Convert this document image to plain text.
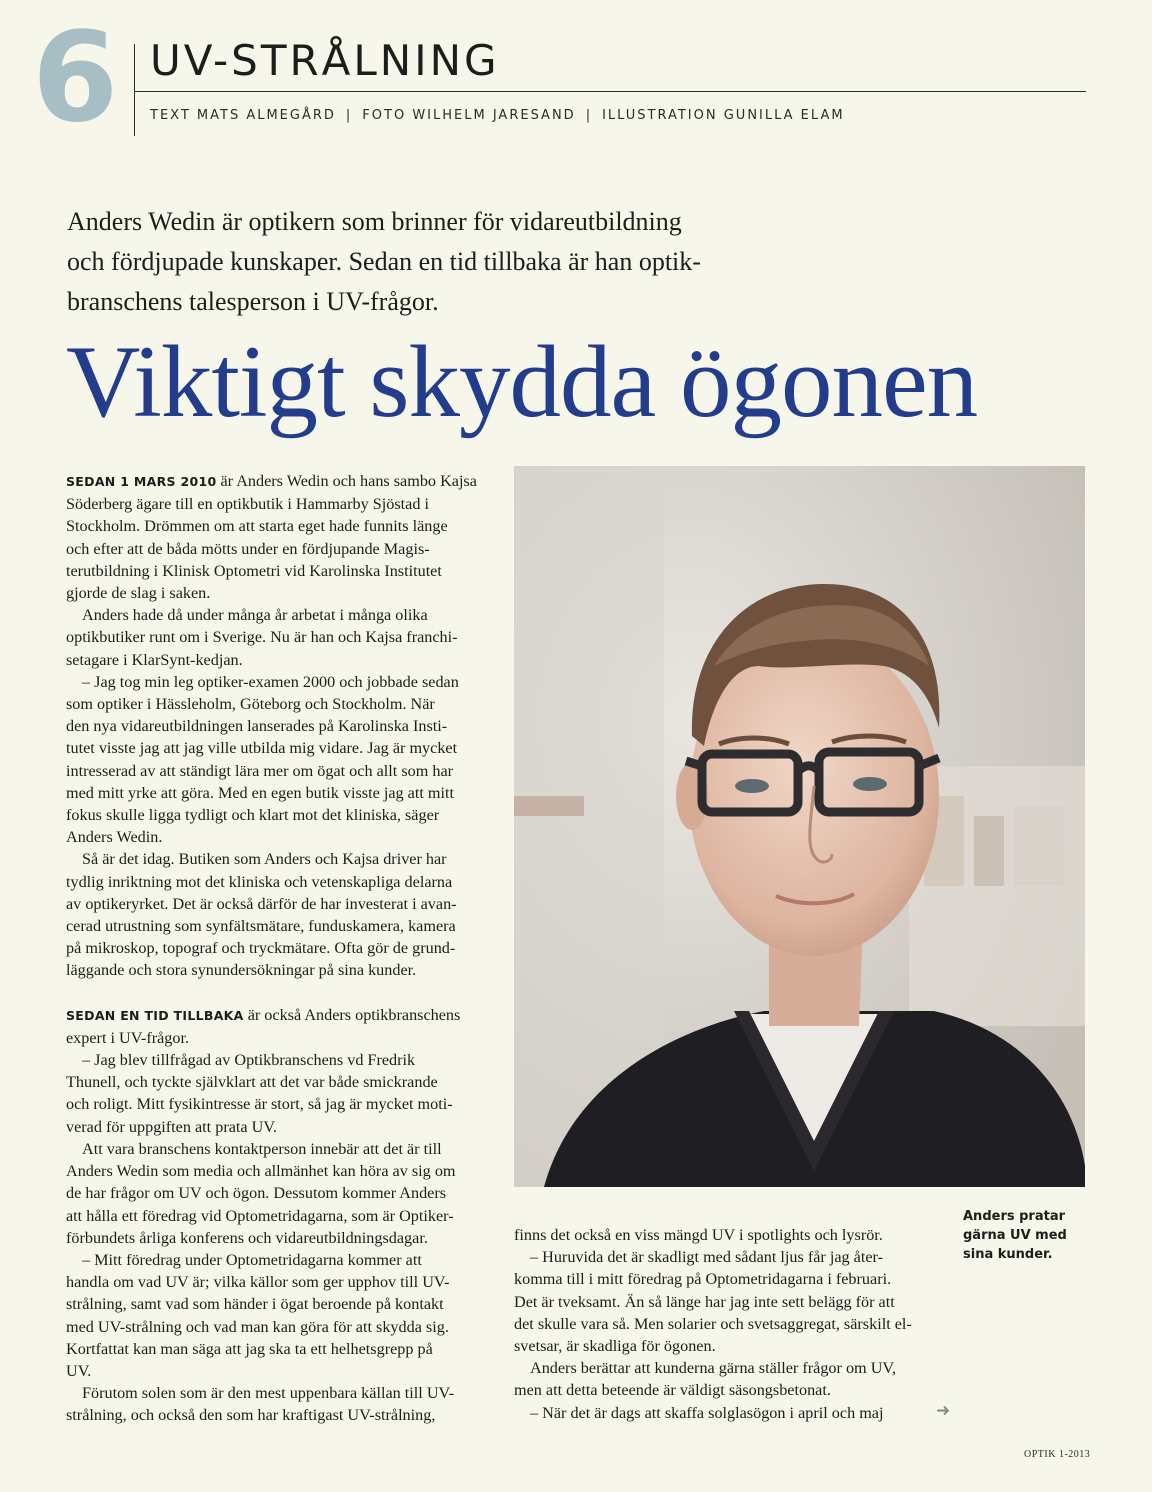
6 UV-STRÅLNING
TEXT MATS ALMEGÅRD | FOTO WILHELM JARESAND | ILLUSTRATION GUNILLA ELAM
Anders Wedin är optikern som brinner för vidareutbildning
och fördjupade kunskaper. Sedan en tid tillbaka är han optik-
branschens talesperson i UV-frågor.
Viktigt skydda ögonen

SEDAN 1 MARS 2010 är Anders Wedin och hans sambo Kajsa
Söderberg ägare till en optikbutik i Hammarby Sjöstad i
Stockholm. Drömmen om att starta eget hade funnits länge
och efter att de båda mötts under en fördjupande Magis-
terutbildning i Klinisk Optometri vid Karolinska Institutet
gjorde de slag i saken.

Anders hade då under många år arbetat i många olika
optikbutiker runt om i Sverige. Nu är han och Kajsa franchi-
setagare i KlarSynt-kedjan.

– Jag tog min leg optiker-examen 2000 och jobbade sedan
som optiker i Hässleholm, Göteborg och Stockholm. När
den nya vidareutbildningen lanserades på Karolinska Insti-
tutet visste jag att jag ville utbilda mig vidare. Jag är mycket
intresserad av att ständigt lära mer om ögat och allt som har
med mitt yrke att göra. Med en egen butik visste jag att mitt
fokus skulle ligga tydligt och klart mot det kliniska, säger
Anders Wedin.

Så är det idag. Butiken som Anders och Kajsa driver har
tydlig inriktning mot det kliniska och vetenskapliga delarna
av optikeryrket. Det är också därför de har investerat i avan-
cerad utrustning som synfältsmätare, funduskamera, kamera
på mikroskop, topograf och tryckmätare. Ofta gör de grund-
läggande och stora synundersökningar på sina kunder.

SEDAN EN TID TILLBAKA är också Anders optikbranschens
expert i UV-frågor.

– Jag blev tillfrågad av Optikbranschens vd Fredrik
Thunell, och tyckte självklart att det var både smickrande
och roligt. Mitt fysikintresse är stort, så jag är mycket moti-
verad för uppgiften att prata UV.

Att vara branschens kontaktperson innebär att det är till
Anders Wedin som media och allmänhet kan höra av sig om
de har frågor om UV och ögon. Dessutom kommer Anders
att hålla ett föredrag vid Optometridagarna, som är Optiker-
förbundets årliga konferens och vidareutbildningsdagar.

– Mitt föredrag under Optometridagarna kommer att
handla om vad UV är; vilka källor som ger upphov till UV-
strålning, samt vad som händer i ögat beroende på kontakt
med UV-strålning och vad man kan göra för att skydda sig.
Kortfattat kan man säga att jag ska ta ett helhetsgrepp på
UV.

Förutom solen som är den mest uppenbara källan till UV-
strålning, och också den som har kraftigast UV-strålning,

Anders pratar
gärna UV med
sina kunder.

finns det också en viss mängd UV i spotlights och lysrör.

– Huruvida det är skadligt med sådant ljus får jag åter-
komma till i mitt föredrag på Optometridagarna i februari.
Det är tveksamt. Än så länge har jag inte sett belägg för att
det skulle vara så. Men solarier och svetsaggregat, särskilt el-
svetsar, är skadliga för ögonen.

Anders berättar att kunderna gärna ställer frågor om UV,
men att detta beteende är väldigt säsongsbetonat.

– När det är dags att skaffa solglasögon i april och maj	➜
OPTIK 1-2013
